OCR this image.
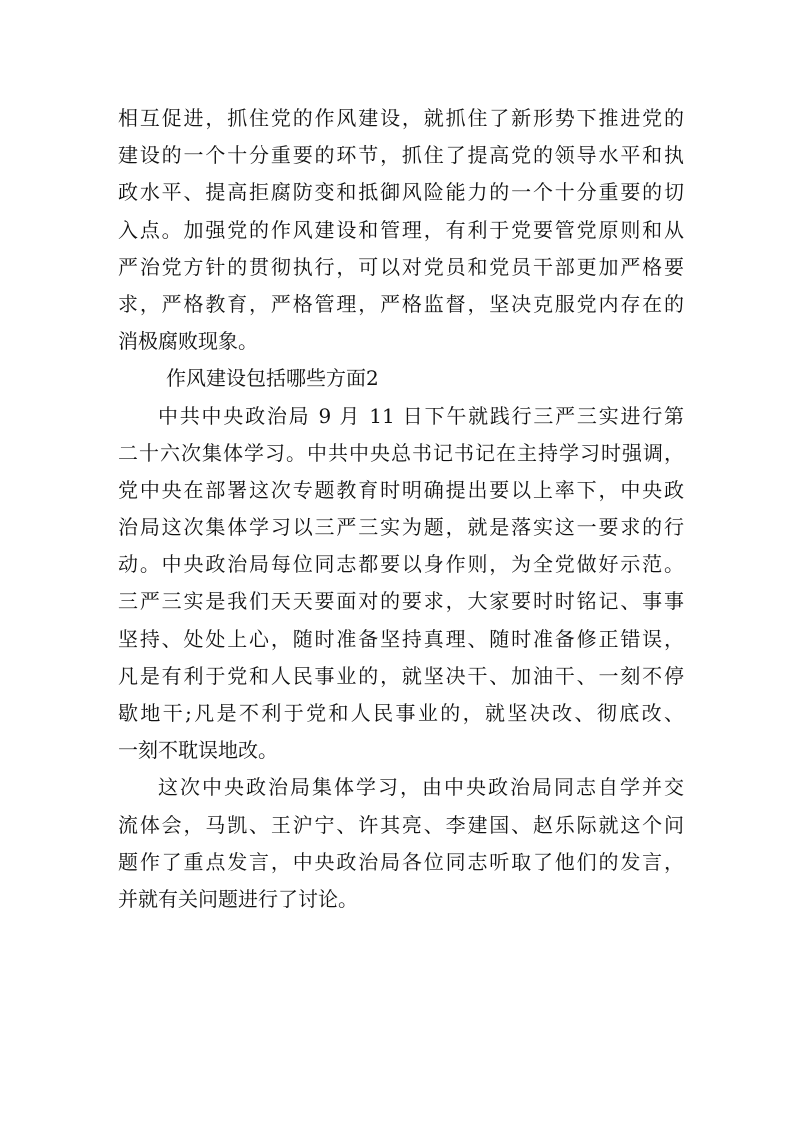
相互促进，抓住党的作风建设，就抓住了新形势下推进党的
建设的一个十分重要的环节，抓住了提高党的领导水平和执
政水平、提高拒腐防变和抵御风险能力的一个十分重要的切
入点。加强党的作风建设和管理，有利于党要管党原则和从
严治党方针的贯彻执行，可以对党员和党员干部更加严格要
求，严格教育，严格管理，严格监督，坚决克服党内存在的
消极腐败现象。
作风建设包括哪些方面2
中共中央政治局 9 月 11 日下午就践行三严三实进行第
二十六次集体学习。中共中央总书记书记在主持学习时强调，
党中央在部署这次专题教育时明确提出要以上率下，中央政
治局这次集体学习以三严三实为题，就是落实这一要求的行
动。中央政治局每位同志都要以身作则，为全党做好示范。
三严三实是我们天天要面对的要求，大家要时时铭记、事事
坚持、处处上心，随时准备坚持真理、随时准备修正错误，
凡是有利于党和人民事业的，就坚决干、加油干、一刻不停
歇地干;凡是不利于党和人民事业的，就坚决改、彻底改、
一刻不耽误地改。
这次中央政治局集体学习，由中央政治局同志自学并交
流体会，马凯、王沪宁、许其亮、李建国、赵乐际就这个问
题作了重点发言，中央政治局各位同志听取了他们的发言，
并就有关问题进行了讨论。
